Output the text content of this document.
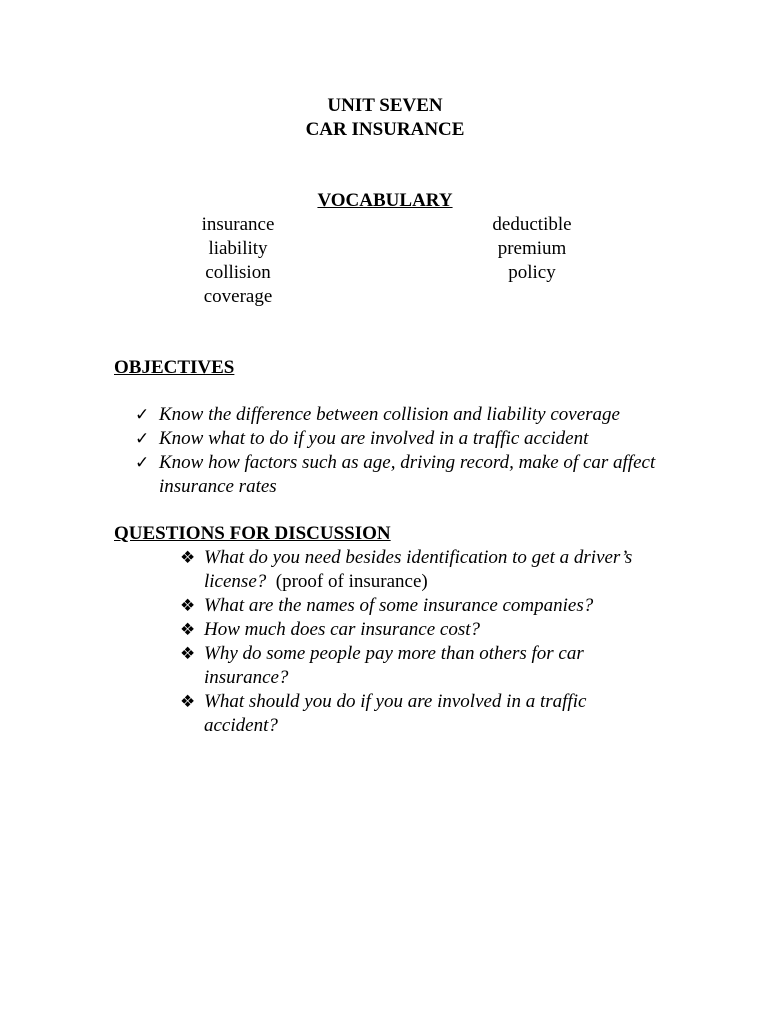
UNIT SEVEN
CAR INSURANCE
VOCABULARY
insurance
liability
collision
coverage
deductible
premium
policy
OBJECTIVES
✓ Know the difference between collision and liability coverage
✓ Know what to do if you are involved in a traffic accident
✓ Know how factors such as age, driving record, make of car affect insurance rates
QUESTIONS FOR DISCUSSION
❖ What do you need besides identification to get a driver’s license? (proof of insurance)
❖ What are the names of some insurance companies?
❖ How much does car insurance cost?
❖ Why do some people pay more than others for car insurance?
❖ What should you do if you are involved in a traffic accident?
